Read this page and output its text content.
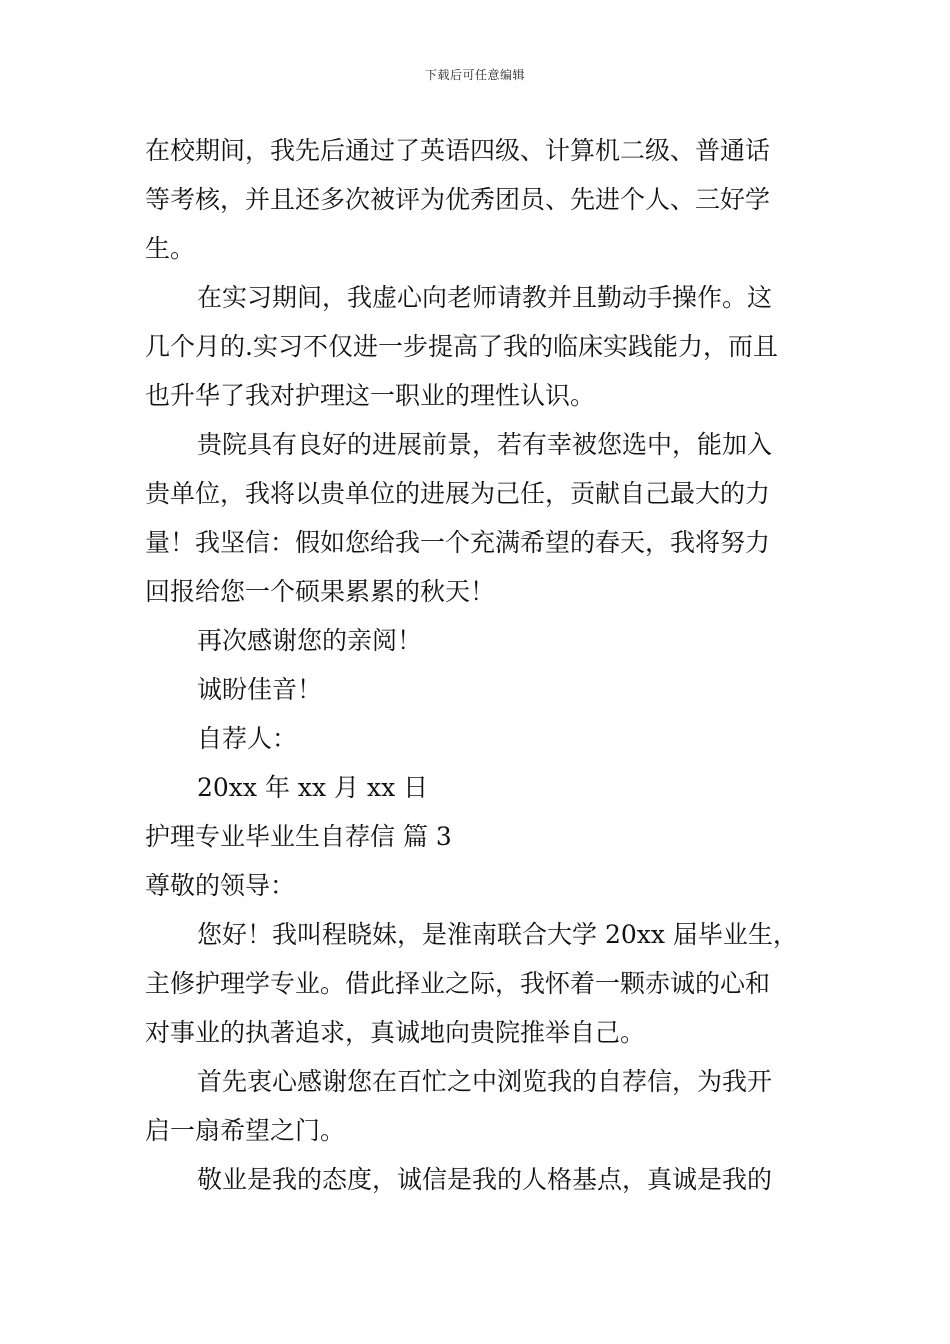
下载后可任意编辑
在校期间，我先后通过了英语四级、计算机二级、普通话
等考核，并且还多次被评为优秀团员、先进个人、三好学
生。
在实习期间，我虚心向老师请教并且勤动手操作。这
几个月的.实习不仅进一步提高了我的临床实践能力，而且
也升华了我对护理这一职业的理性认识。
贵院具有良好的进展前景，若有幸被您选中，能加入
贵单位，我将以贵单位的进展为己任，贡献自己最大的力
量！我坚信：假如您给我一个充满希望的春天，我将努力
回报给您一个硕果累累的秋天！
再次感谢您的亲阅！
诚盼佳音！
自荐人：
20xx 年 xx 月 xx 日
护理专业毕业生自荐信 篇 3
尊敬的领导：
您好！我叫程晓妹，是淮南联合大学 20xx 届毕业生，
主修护理学专业。借此择业之际，我怀着一颗赤诚的心和
对事业的执著追求，真诚地向贵院推举自己。
首先衷心感谢您在百忙之中浏览我的自荐信，为我开
启一扇希望之门。
敬业是我的态度，诚信是我的人格基点，真诚是我的
